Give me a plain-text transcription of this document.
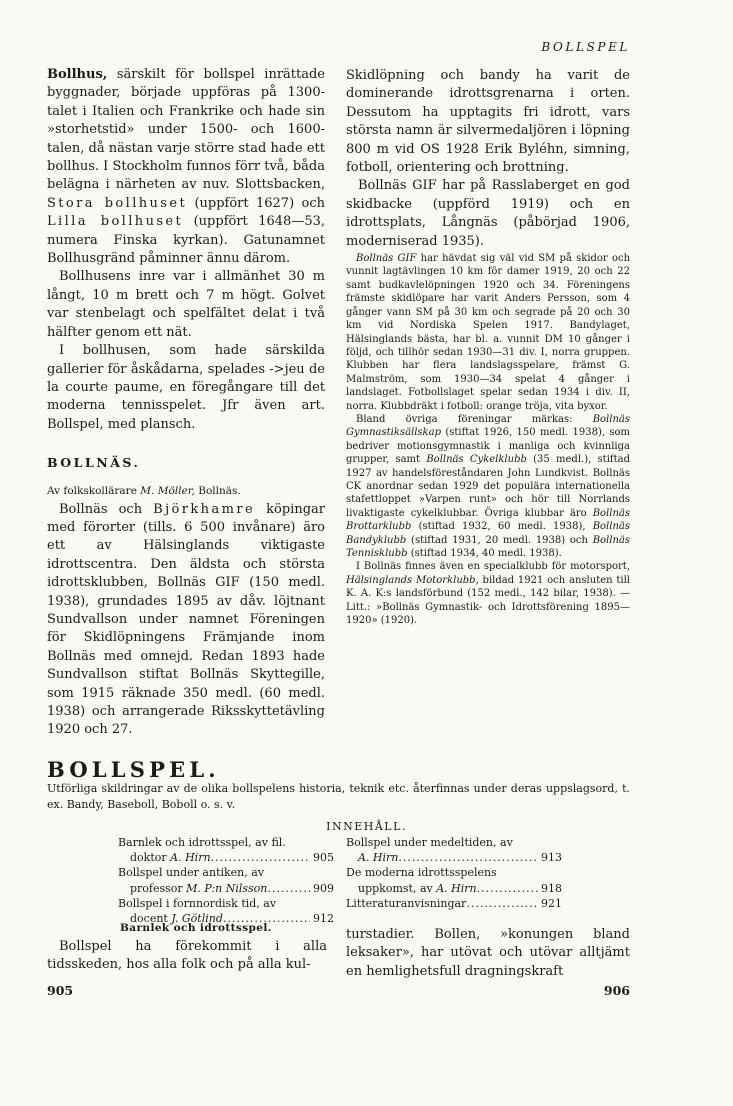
BOLLSPEL

Bollhus, särskilt för bollspel inrättade byggnader, började uppföras på 1300-talet i Italien och Frankrike och hade sin »storhetstid» under 1500- och 1600-talen, då nästan varje större stad hade ett bollhus. I Stockholm funnos förr två, båda belägna i närheten av nuv. Slottsbacken, Stora bollhuset (uppfört 1627) och Lilla bollhuset (uppfört 1648—53, numera Finska kyrkan). Gatunamnet Bollhusgränd påminner ännu därom.

Bollhusens inre var i allmänhet 30 m långt, 10 m brett och 7 m högt. Golvet var stenbelagt och spelfältet delat i två hälfter genom ett nät.

I bollhusen, som hade särskilda gallerier för åskådarna, spelades ->jeu de la courte paume, en föregångare till det moderna tennisspelet. Jfr även art. Bollspel, med plansch.

BOLLNÄS.
Av folkskollärare M. Möller, Bollnäs.

Bollnäs och Björkhamre köpingar med förorter (tills. 6 500 invånare) äro ett av Hälsinglands viktigaste idrottscentra. Den äldsta och största idrottsklubben, Bollnäs GIF (150 medl. 1938), grundades 1895 av dåv. löjtnant Sundvallson under namnet Föreningen för Skidlöpningens Främjande inom Bollnäs med omnejd. Redan 1893 hade Sundvallson stiftat Bollnäs Skyttegille, som 1915 räknade 350 medl. (60 medl. 1938) och arrangerade Riksskyttetävling 1920 och 27.

Skidlöpning och bandy ha varit de dominerande idrottsgrenarna i orten. Dessutom ha upptagits fri idrott, vars största namn är silvermedaljören i löpning 800 m vid OS 1928 Erik Byléhn, simning, fotboll, orientering och brottning.

Bollnäs GIF har på Rasslaberget en god skidbacke (uppförd 1919) och en idrottsplats, Långnäs (påbörjad 1906, moderniserad 1935).

Bollnäs GIF har hävdat sig väl vid SM på skidor och vunnit lagtävlingen 10 km för damer 1919, 20 och 22 samt budkavlelöpningen 1920 och 34. Föreningens främste skidlöpare har varit Anders Persson, som 4 gånger vann SM på 30 km och segrade på 20 och 30 km vid Nordiska Spelen 1917. Bandylaget, Hälsinglands bästa, har bl. a. vunnit DM 10 gånger i följd, och tillhör sedan 1930—31 div. I, norra gruppen. Klubben har flera landslagsspelare, främst G. Malmström, som 1930—34 spelat 4 gånger i landslaget. Fotbollslaget spelar sedan 1934 i div. II, norra. Klubbdräkt i fotboll: orange tröja, vita byxor.

Bland övriga föreningar märkas: Bollnäs Gymnastiksällskap (stiftat 1926, 150 medl. 1938), som bedriver motionsgymnastik i manliga och kvinnliga grupper, samt Bollnäs Cykelklubb (35 medl.), stiftad 1927 av handelsföreståndaren John Lundkvist. Bollnäs CK anordnar sedan 1929 det populära internationella stafettloppet »Varpen runt» och hör till Norrlands livaktigaste cykelklubbar. Övriga klubbar äro Bollnäs Brottarklubb (stiftad 1932, 60 medl. 1938), Bollnäs Bandyklubb (stiftad 1931, 20 medl. 1938) och Bollnäs Tennisklubb (stiftad 1934, 40 medl. 1938).

I Bollnäs finnes även en specialklubb för motorsport, Hälsinglands Motorklubb, bildad 1921 och ansluten till K. A. K:s landsförbund (152 medl., 142 bilar, 1938). — Litt.: »Bollnäs Gymnastik- och Idrottsförening 1895—1920» (1920).

BOLLSPEL.
Utförliga skildringar av de olika bollspelens historia, teknik etc. återfinnas under deras uppslagsord, t. ex. Bandy, Baseboll, Boboll o. s. v.
INNEHÅLL.
Barnlek och idrottsspel, av fil.
doktor A. Hirn .....	905
Bollspel under antiken, av
professor M. P:n Nilsson .....	909
Bollspel i fornnordisk tid, av
docent J. Götlind .....	912
Bollspel under medeltiden, av
A. Hirn .....	913
De moderna idrottsspelens
uppkomst, av A. Hirn .....	918
Litteraturanvisningar .....	921
Barnlek och idrottsspel.

Bollspel ha förekommit i alla tidsskeden, hos alla folk och på alla kul-

turstadier. Bollen, »konungen bland leksaker», har utövat och utövar alltjämt en hemlighetsfull dragningskraft
905	906
